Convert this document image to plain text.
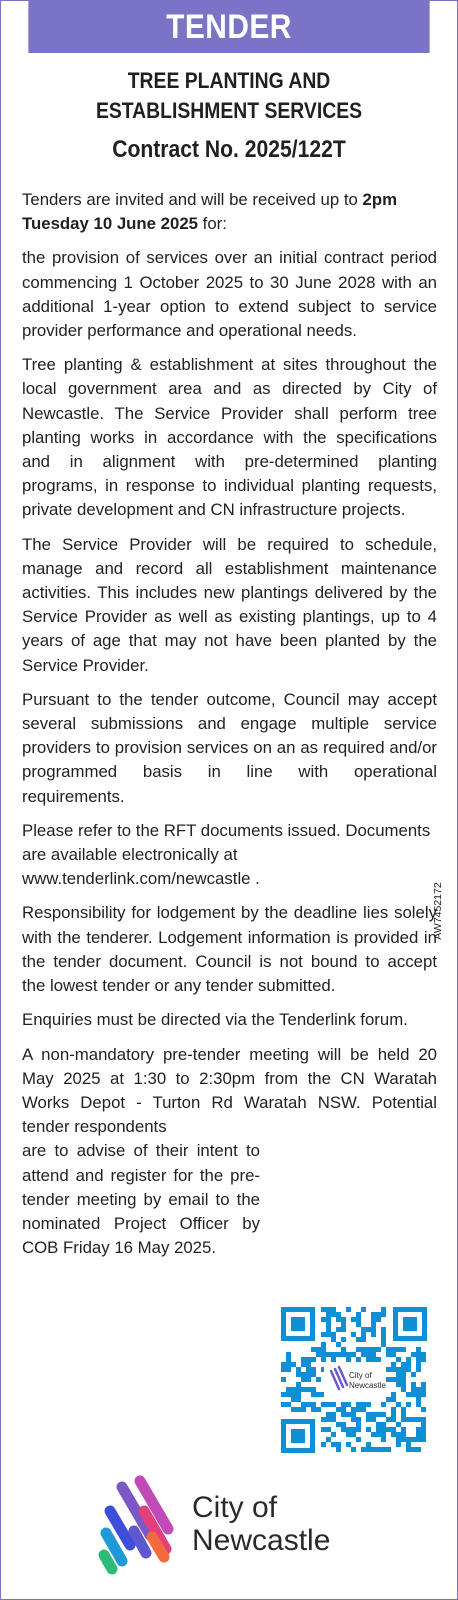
TENDER
TREE PLANTING AND
ESTABLISHMENT SERVICES
Contract No. 2025/122T

Tenders are invited and will be received up to 2pm Tuesday 10 June 2025 for:

the provision of services over an initial contract period commencing 1 October 2025 to 30 June 2028 with an additional 1-year option to extend subject to service provider performance and operational needs.

Tree planting & establishment at sites throughout the local government area and as directed by City of Newcastle. The Service Provider shall perform tree planting works in accordance with the specifications and in alignment with pre-determined planting programs, in response to individual planting requests, private development and CN infrastructure projects.

The Service Provider will be required to schedule, manage and record all establishment maintenance activities. This includes new plantings delivered by the Service Provider as well as existing plantings, up to 4 years of age that may not have been planted by the Service Provider.

Pursuant to the tender outcome, Council may accept several submissions and engage multiple service providers to provision services on an as required and/or programmed basis in line with operational requirements.

Please refer to the RFT documents issued. Documents are available electronically at www.tenderlink.com/newcastle .

Responsibility for lodgement by the deadline lies solely with the tenderer. Lodgement information is provided in the tender document. Council is not bound to accept the lowest tender or any tender submitted.

Enquiries must be directed via the Tenderlink forum.

A non-mandatory pre-tender meeting will be held 20 May 2025 at 1:30 to 2:30pm from the CN Waratah Works Depot - Turton Rd Waratah NSW. Potential tender respondents
are to advise of their intent to attend and register for the pre-tender meeting by email to the nominated Project Officer by COB Friday 16 May 2025.
AW7452172
City of
Newcastle
City of
Newcastle
